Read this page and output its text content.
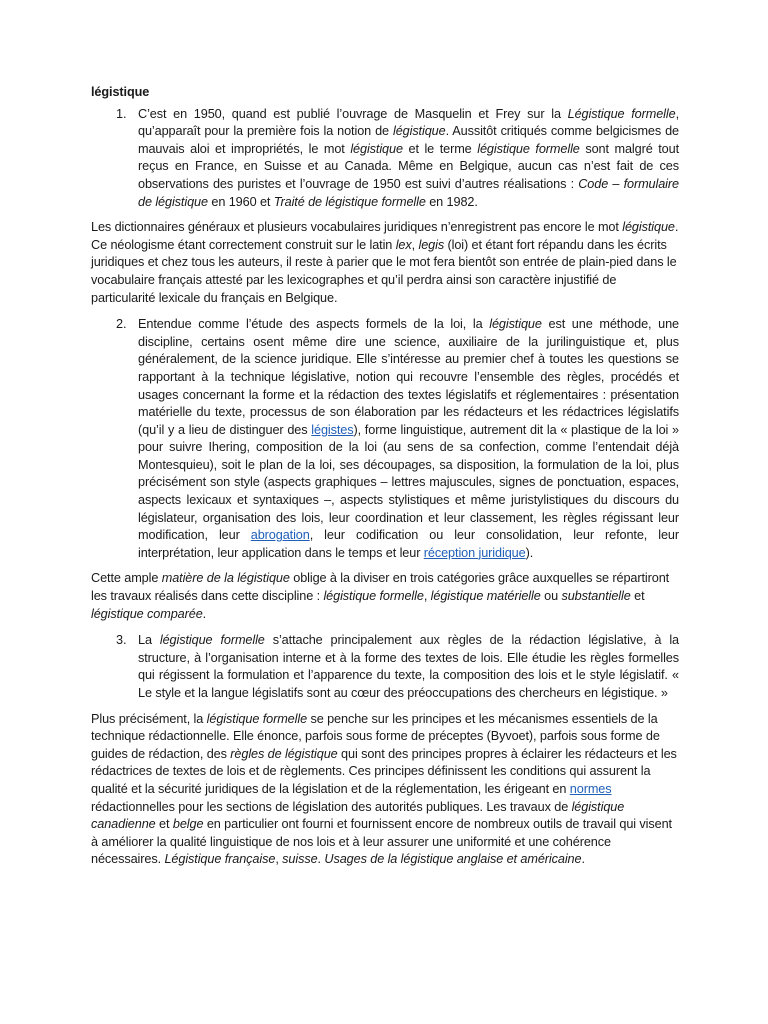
légistique
1. C’est en 1950, quand est publié l’ouvrage de Masquelin et Frey sur la Légistique formelle, qu’apparaît pour la première fois la notion de légistique. Aussitôt critiqués comme belgicismes de mauvais aloi et impropriétés, le mot légistique et le terme légistique formelle sont malgré tout reçus en France, en Suisse et au Canada. Même en Belgique, aucun cas n’est fait de ces observations des puristes et l’ouvrage de 1950 est suivi d’autres réalisations : Code – formulaire de légistique en 1960 et Traité de légistique formelle en 1982.

Les dictionnaires généraux et plusieurs vocabulaires juridiques n’enregistrent pas encore le mot légistique. Ce néologisme étant correctement construit sur le latin lex, legis (loi) et étant fort répandu dans les écrits juridiques et chez tous les auteurs, il reste à parier que le mot fera bientôt son entrée de plain-pied dans le vocabulaire français attesté par les lexicographes et qu’il perdra ainsi son caractère injustifié de particularité lexicale du français en Belgique.

2. Entendue comme l’étude des aspects formels de la loi, la légistique est une méthode, une discipline, certains osent même dire une science, auxiliaire de la jurilinguistique et, plus généralement, de la science juridique. Elle s’intéresse au premier chef à toutes les questions se rapportant à la technique législative, notion qui recouvre l’ensemble des règles, procédés et usages concernant la forme et la rédaction des textes législatifs et réglementaires : présentation matérielle du texte, processus de son élaboration par les rédacteurs et les rédactrices législatifs (qu’il y a lieu de distinguer des légistes), forme linguistique, autrement dit la « plastique de la loi » pour suivre Ihering, composition de la loi (au sens de sa confection, comme l’entendait déjà Montesquieu), soit le plan de la loi, ses découpages, sa disposition, la formulation de la loi, plus précisément son style (aspects graphiques – lettres majuscules, signes de ponctuation, espaces, aspects lexicaux et syntaxiques –, aspects stylistiques et même juristylistiques du discours du législateur, organisation des lois, leur coordination et leur classement, les règles régissant leur modification, leur abrogation, leur codification ou leur consolidation, leur refonte, leur interprétation, leur application dans le temps et leur réception juridique).

Cette ample matière de la légistique oblige à la diviser en trois catégories grâce auxquelles se répartiront les travaux réalisés dans cette discipline : légistique formelle, légistique matérielle ou substantielle et légistique comparée.

3. La légistique formelle s’attache principalement aux règles de la rédaction législative, à la structure, à l’organisation interne et à la forme des textes de lois. Elle étudie les règles formelles qui régissent la formulation et l’apparence du texte, la composition des lois et le style législatif. « Le style et la langue législatifs sont au cœur des préoccupations des chercheurs en légistique. »

Plus précisément, la légistique formelle se penche sur les principes et les mécanismes essentiels de la technique rédactionnelle. Elle énonce, parfois sous forme de préceptes (Byvoet), parfois sous forme de guides de rédaction, des règles de légistique qui sont des principes propres à éclairer les rédacteurs et les rédactrices de textes de lois et de règlements. Ces principes définissent les conditions qui assurent la qualité et la sécurité juridiques de la législation et de la réglementation, les érigeant en normes rédactionnelles pour les sections de législation des autorités publiques. Les travaux de légistique canadienne et belge en particulier ont fourni et fournissent encore de nombreux outils de travail qui visent à améliorer la qualité linguistique de nos lois et à leur assurer une uniformité et une cohérence nécessaires. Légistique française, suisse. Usages de la légistique anglaise et américaine.
